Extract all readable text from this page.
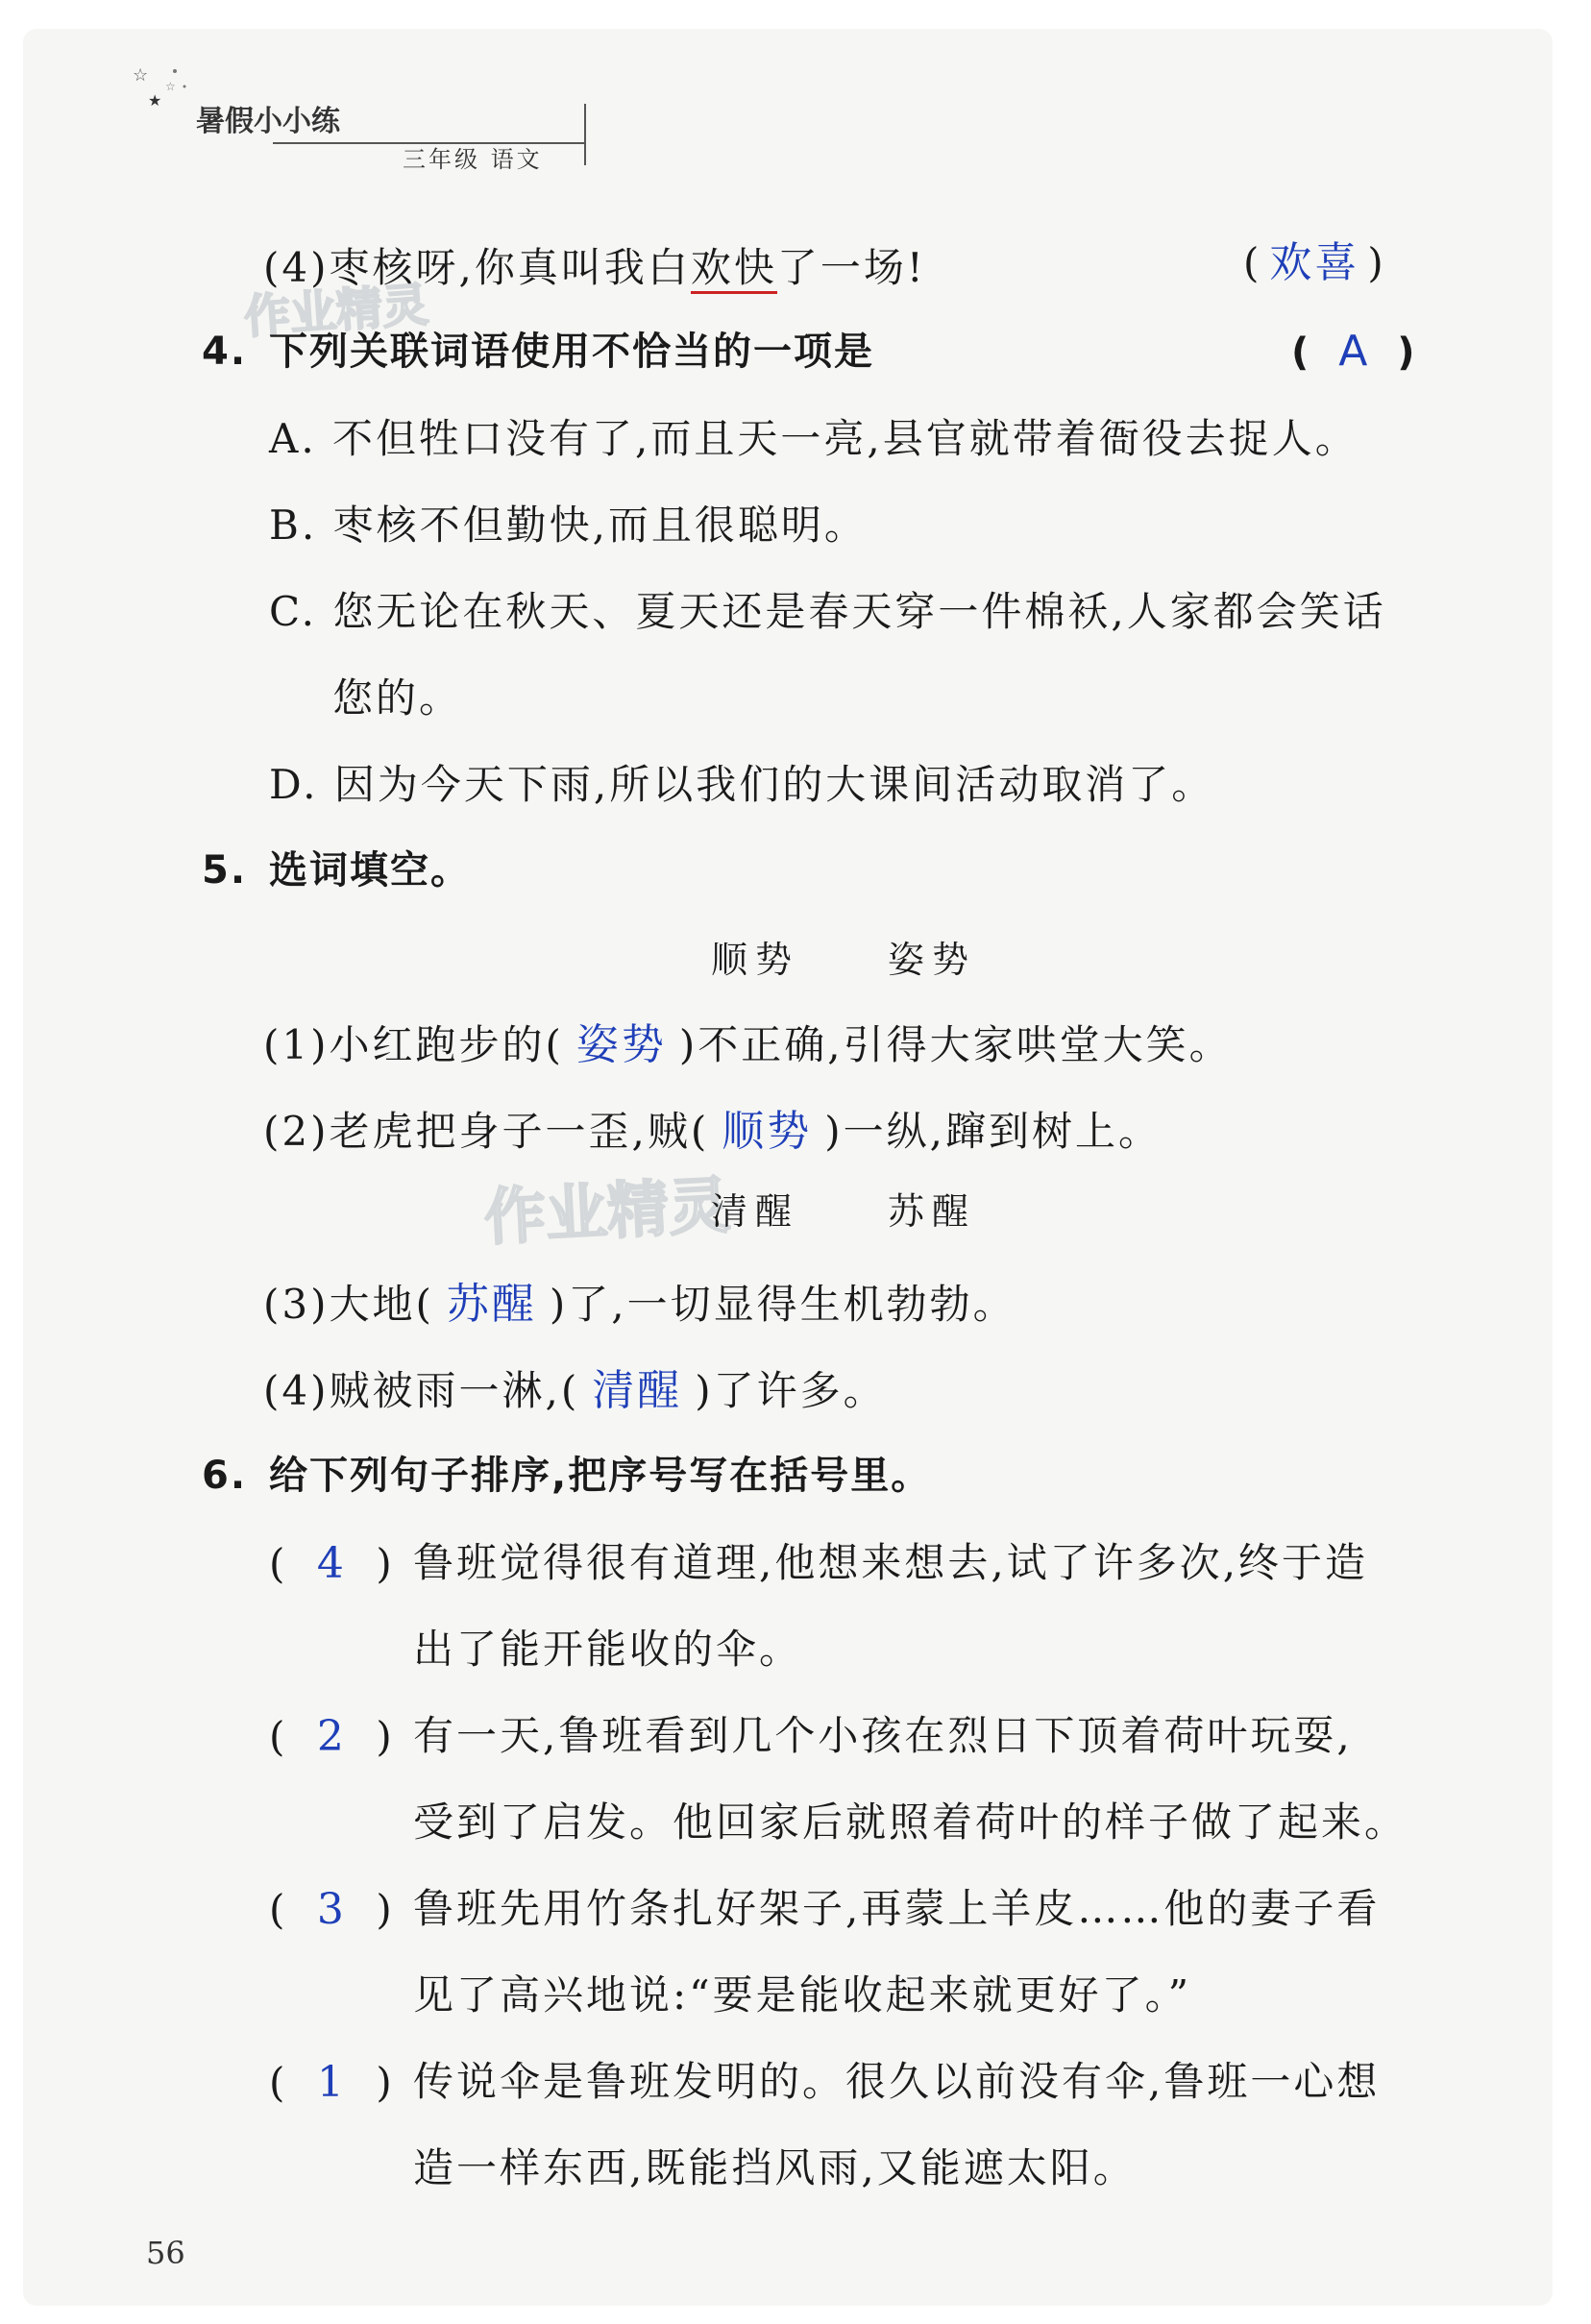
☆
★
☆
暑假小小练
三年级 语文
(4)枣核呀,你真叫我白欢快了一场!	( 欢喜 )
作业精灵
4. 下列关联词语使用不恰当的一项是	( A )
A. 不但牲口没有了,而且天一亮,县官就带着衙役去捉人。
B. 枣核不但勤快,而且很聪明。
C. 您无论在秋天、夏天还是春天穿一件棉袄,人家都会笑话
您的。
D. 因为今天下雨,所以我们的大课间活动取消了。
5. 选词填空。
顺势　　姿势
(1)小红跑步的( 姿势 )不正确,引得大家哄堂大笑。
(2)老虎把身子一歪,贼( 顺势 )一纵,蹿到树上。
作业精灵
清醒　　苏醒
(3)大地( 苏醒 )了,一切显得生机勃勃。
(4)贼被雨一淋,( 清醒 )了许多。
6. 给下列句子排序,把序号写在括号里。
( 4 ) 鲁班觉得很有道理,他想来想去,试了许多次,终于造
出了能开能收的伞。
( 2 ) 有一天,鲁班看到几个小孩在烈日下顶着荷叶玩耍,
受到了启发。他回家后就照着荷叶的样子做了起来。
( 3 ) 鲁班先用竹条扎好架子,再蒙上羊皮……他的妻子看
见了高兴地说:“要是能收起来就更好了。”
( 1 ) 传说伞是鲁班发明的。很久以前没有伞,鲁班一心想
造一样东西,既能挡风雨,又能遮太阳。
56
